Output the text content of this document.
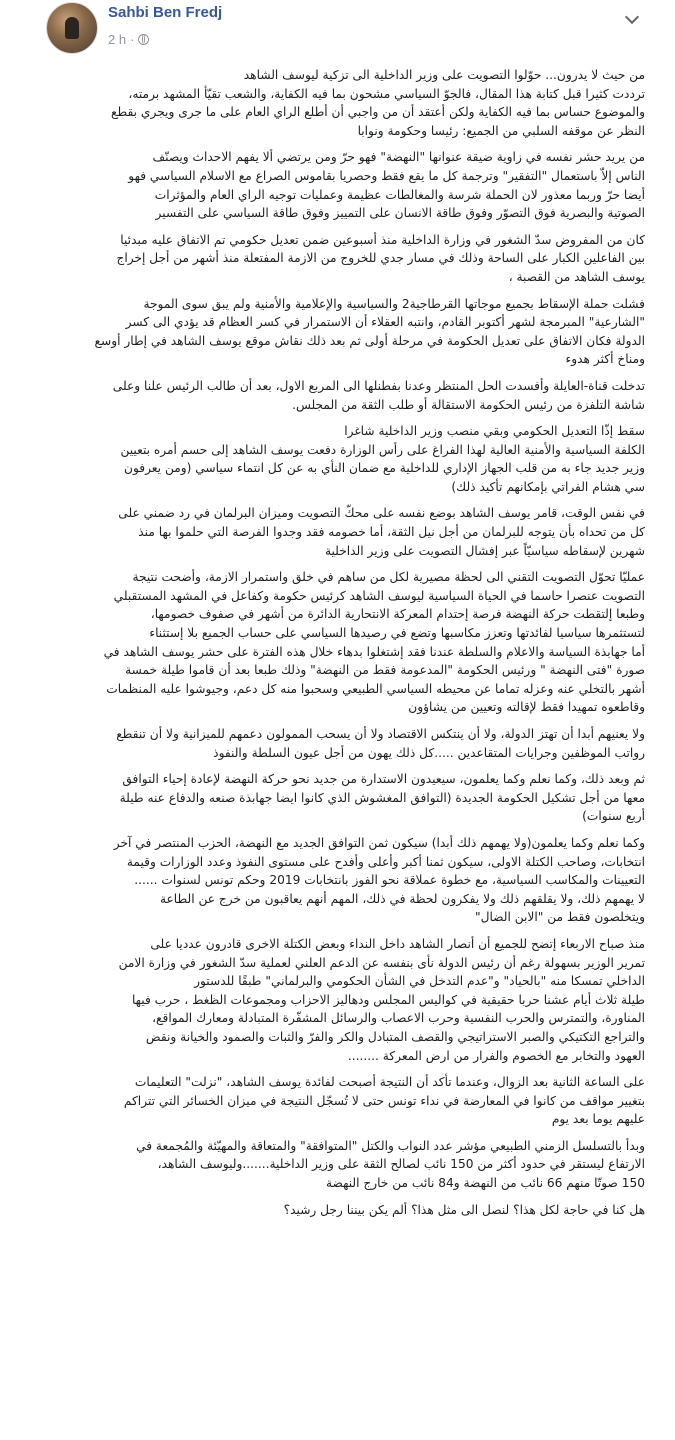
Sahbi Ben Fredj
2 h ·

من حيث لا يدرون... حوّلوا التصويت على وزير الداخلية الى تزكية ليوسف الشاهد
ترددت كثيرا قبل كتابة هذا المقال، فالجوّ السياسي مشحون بما فيه الكفاية، والشعب تقيّأ المشهد برمته،
والموضوع حساس بما فيه الكفاية ولكن أعتقد أن من واجبي أن أطلع الراي العام على ما جرى ويجري بقطع
النظر عن موقفه السلبي من الجميع: رئيسا وحكومة ونوابا

من يريد حشر نفسه في زاوية ضيقة عنوانها "النهضة" فهو حرّ ومن يرتضي ألا يفهم الاحداث ويصنّف
الناس إلاّ باستعمال "التفقير" وترجمة كل ما يقع فقط وحصريا بقاموس الصراع مع الاسلام السياسي فهو
أيضا حرّ وربما معذور لان الحملة شرسة والمغالطات عظيمة وعمليات توجيه الراي العام والمؤثرات
الصوتية والبصرية فوق التصوّر وفوق طاقة الانسان على التمييز وفوق طاقة السياسي على التفسير

كان من المفروض سدّ الشغور في وزارة الداخلية منذ أسبوعين ضمن تعديل حكومي تم الاتفاق عليه مبدئيا
بين الفاعلين الكبار على الساحة وذلك في مسار جدي للخروج من الازمة المفتعلة منذ أشهر من أجل إخراج
يوسف الشاهد من القصبة ،

فشلت حملة الإسقاط بجميع موجاتها القرطاجية2 والسياسية والإعلامية والأمنية ولم يبق سوى الموجة
"الشارعية" المبرمجة لشهر أكتوبر القادم، وانتبه العقلاء أن الاستمرار في كسر العظام قد يؤدي الى كسر
الدولة فكان الاتفاق على تعديل الحكومة في مرحلة أولى ثم بعد ذلك نقاش موقع يوسف الشاهد في إطار أوسع
ومناخ أكثر هدوء

تدخلت قناة-العايلة وأفسدت الحل المنتظر وعدنا بفطنلها الى المربع الاول، بعد أن طالب الرئيس علنا وعلى
شاشة التلفزة من رئيس الحكومة الاستقالة أو طلب الثقة من المجلس.

سقط إذّا التعديل الحكومي وبقي منصب وزير الداخلية شاغرا
الكلفة السياسية والأمنية العالية لهذا الفراغ على رأس الوزارة دفعت يوسف الشاهد إلى حسم أمره بتعيين
وزير جديد جاء به من قلب الجهاز الإداري للداخلية مع ضمان النأي به عن كل انتماء سياسي (ومن يعرفون
سي هشام الفراتي بإمكانهم تأكيد ذلك)

في نفس الوقت، قامر يوسف الشاهد بوضع نفسه على محكّ التصويت وميزان البرلمان في رد ضمني على
كل من تحداه بأن يتوجه للبرلمان من أجل نيل الثقة، أما خصومه فقد وجدوا الفرصة التي حلموا بها منذ
شهرين لإسقاطه سياسيّاً عبر إفشال التصويت على وزير الداخلية

عمليّا تحوّل التصويت التقني الى لحظة مصيرية لكل من ساهم في خلق واستمرار الازمة، وأضحت نتيجة
التصويت عنصرا حاسما في الحياة السياسية ليوسف الشاهد كرئيس حكومة وكفاعل في المشهد المستقبلي
وطبعا إلتقطت حركة النهضة فرصة إحتدام المعركة الانتحارية الدائرة من أشهر في صفوف خصومها،
لتستثمرها سياسيا لفائدتها وتعزز مكاسبها وتضع في رصيدها السياسي على حساب الجميع بلا إستثناء
أما جهابذة السياسة والاعلام والسلطة عندنا فقد إشتغلوا بدهاء خلال هذه الفترة على حشر يوسف الشاهد في
صورة "فتى النهضة " ورئيس الحكومة "المدعومة فقط من النهضة" وذلك طبعا بعد أن قاموا طيلة خمسة
أشهر بالتخلي عنه وعزله تماما عن محيطه السياسي الطبيعي وسحبوا منه كل دعم، وجيوشوا عليه المنظمات
وقاطعوه تمهيدا فقط لإقالته وتعيين من يشاؤون

ولا يعنيهم أبدا أن تهتز الدولة، ولا أن ينتكس الاقتصاد ولا أن يسحب الممولون دعمهم للميزانية ولا أن تنقطع
رواتب الموظفين وجرايات المتقاعدين .....كل ذلك يهون من أجل عيون السلطة والنفوذ

ثم وبعد ذلك، وكما نعلم وكما يعلمون، سيعيدون الاستدارة من جديد نحو حركة النهضة لإعادة إحياء التوافق
معها من أجل تشكيل الحكومة الجديدة (التوافق المغشوش الذي كانوا ايضا جهابذة صنعه والدفاع عنه طيلة
أربع سنوات)

وكما نعلم وكما يعلمون(ولا يهمهم ذلك أبدا) سيكون ثمن التوافق الجديد مع النهضة، الحزب المنتصر في آخر
انتخابات، وصاحب الكتلة الاولى، سيكون ثمنا أكبر وأعلى وأفدح على مستوى النفوذ وعدد الوزارات وقيمة
التعيينات والمكاسب السياسية، مع خطوة عملاقة نحو الفوز بانتخابات 2019 وحكم تونس لسنوات ......
لا يهمهم ذلك، ولا يقلقهم ذلك ولا يفكرون لحظة في ذلك، المهم أنهم يعاقبون من خرج عن الطاعة
ويتخلصون فقط من "الابن الضال"

منذ صباح الاربعاء إتضح للجميع أن أنصار الشاهد داخل النداء وبعض الكتلة الاخرى قادرون عدديا على
تمرير الوزير بسهولة رغم أن رئيس الدولة نأى بنفسه عن الدعم العلني لعملية سدّ الشغور في وزارة الامن
الداخلي تمسكا منه "بالحياد" و"عدم التدخل في الشأن الحكومي والبرلماني" طبقًا للدستور
طيلة ثلاث أيام عشنا حربا حقيقية في كواليس المجلس ودهاليز الاحزاب ومجموعات الظغط ، حرب فيها
المناورة، والتمترس والحرب النفسية وحرب الاعصاب والرسائل المشفّرة المتبادلة ومعارك المواقع،
والتراجع التكتيكي والصبر الاستراتيجي والقصف المتبادل والكر والفرّ والثبات والصمود والخيانة ونقض
العهود والتخابر مع الخصوم والفرار من ارض المعركة ........

على الساعة الثانية بعد الزوال، وعندما تأكد أن النتيجة أصبحت لفائدة يوسف الشاهد، "نزلت" التعليمات
بتغيير مواقف من كانوا في المعارضة في نداء تونس حتى لا تُسجّل النتيجة في ميزان الخسائر التي تتراكم
عليهم يوما بعد يوم

وبدأ بالتسلسل الزمني الطبيعي مؤشر عدد النواب والكتل "المتوافقة" والمتعاقة والمهيّئة والمُجمعة في
الارتفاع ليستقر في حدود أكثر من 150 نائب لصالح الثقة على وزير الداخلية.......وليوسف الشاهد،
150 صوتّا منهم 66 نائب من النهضة و84 نائب من خارج النهضة

هل كنا في حاجة لكل هذا؟ لنصل الى مثل هذا؟ ألم يكن بيننا رجل رشيد؟
